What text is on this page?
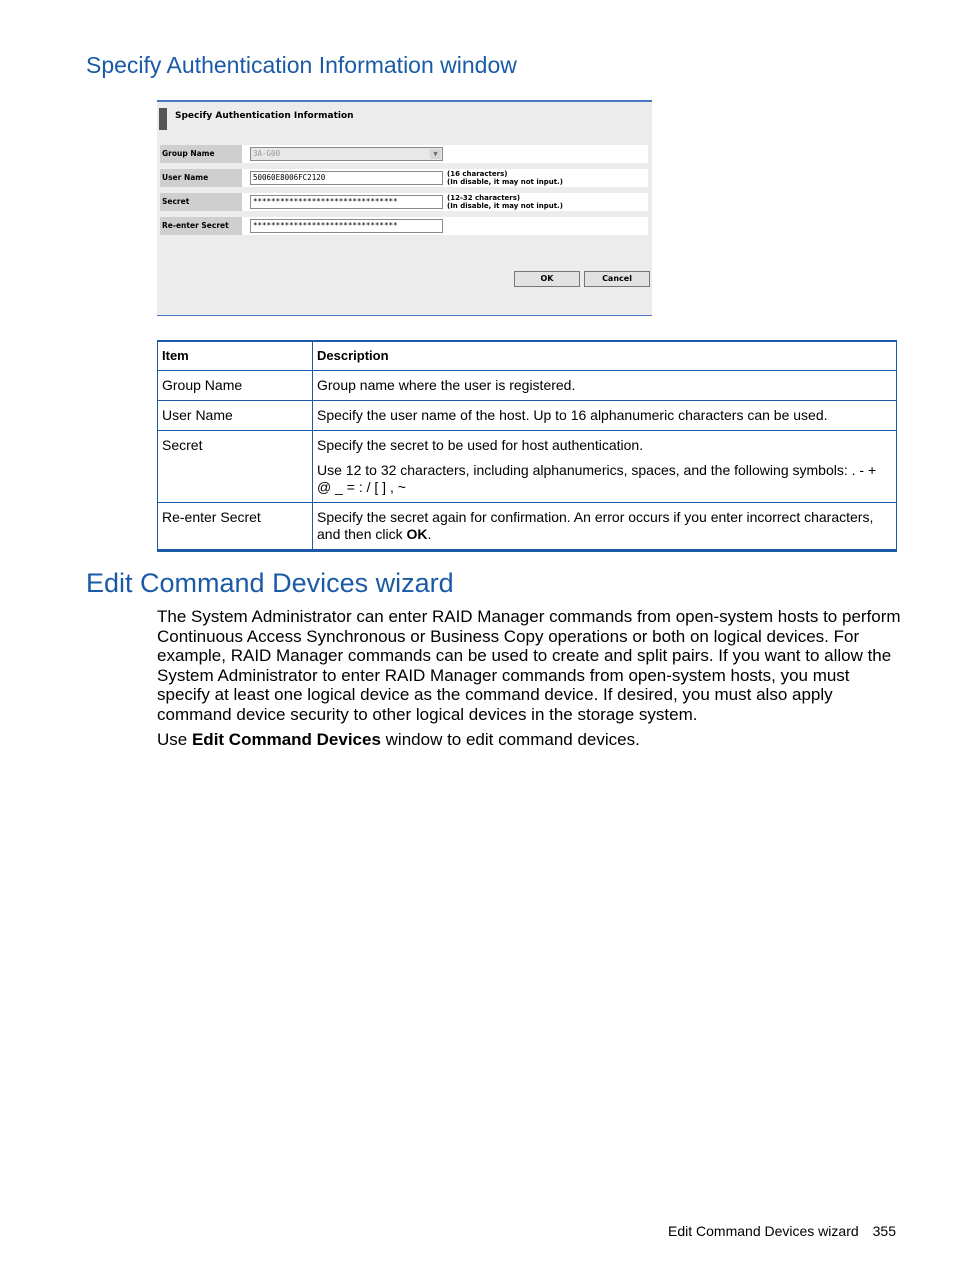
Specify Authentication Information window
Specify Authentication Information
Group Name	3A-G00	▼
User Name	50060E8006FC2120	(16 characters)
(In disable, it may not input.)
Secret	********************************	(12-32 characters)
(In disable, it may not input.)
Re-enter Secret	********************************
OK	Cancel
Item	Description
Group Name	Group name where the user is registered.
User Name	Specify the user name of the host. Up to 16 alphanumeric characters can be used.
Secret	Specify the secret to be used for host authentication.

Use 12 to 32 characters, including alphanumerics, spaces, and the following symbols: . - + @ _ = : / [ ] , ~

Re-enter Secret	Specify the secret again for confirmation. An error occurs if you enter incorrect characters, and then click OK.
Edit Command Devices wizard

The System Administrator can enter RAID Manager commands from open-system hosts to perform Continuous Access Synchronous or Business Copy operations or both on logical devices. For example, RAID Manager commands can be used to create and split pairs. If you want to allow the System Administrator to enter RAID Manager commands from open-system hosts, you must specify at least one logical device as the command device. If desired, you must also apply command device security to other logical devices in the storage system.

Use Edit Command Devices window to edit command devices.

Edit Command Devices wizard 355
